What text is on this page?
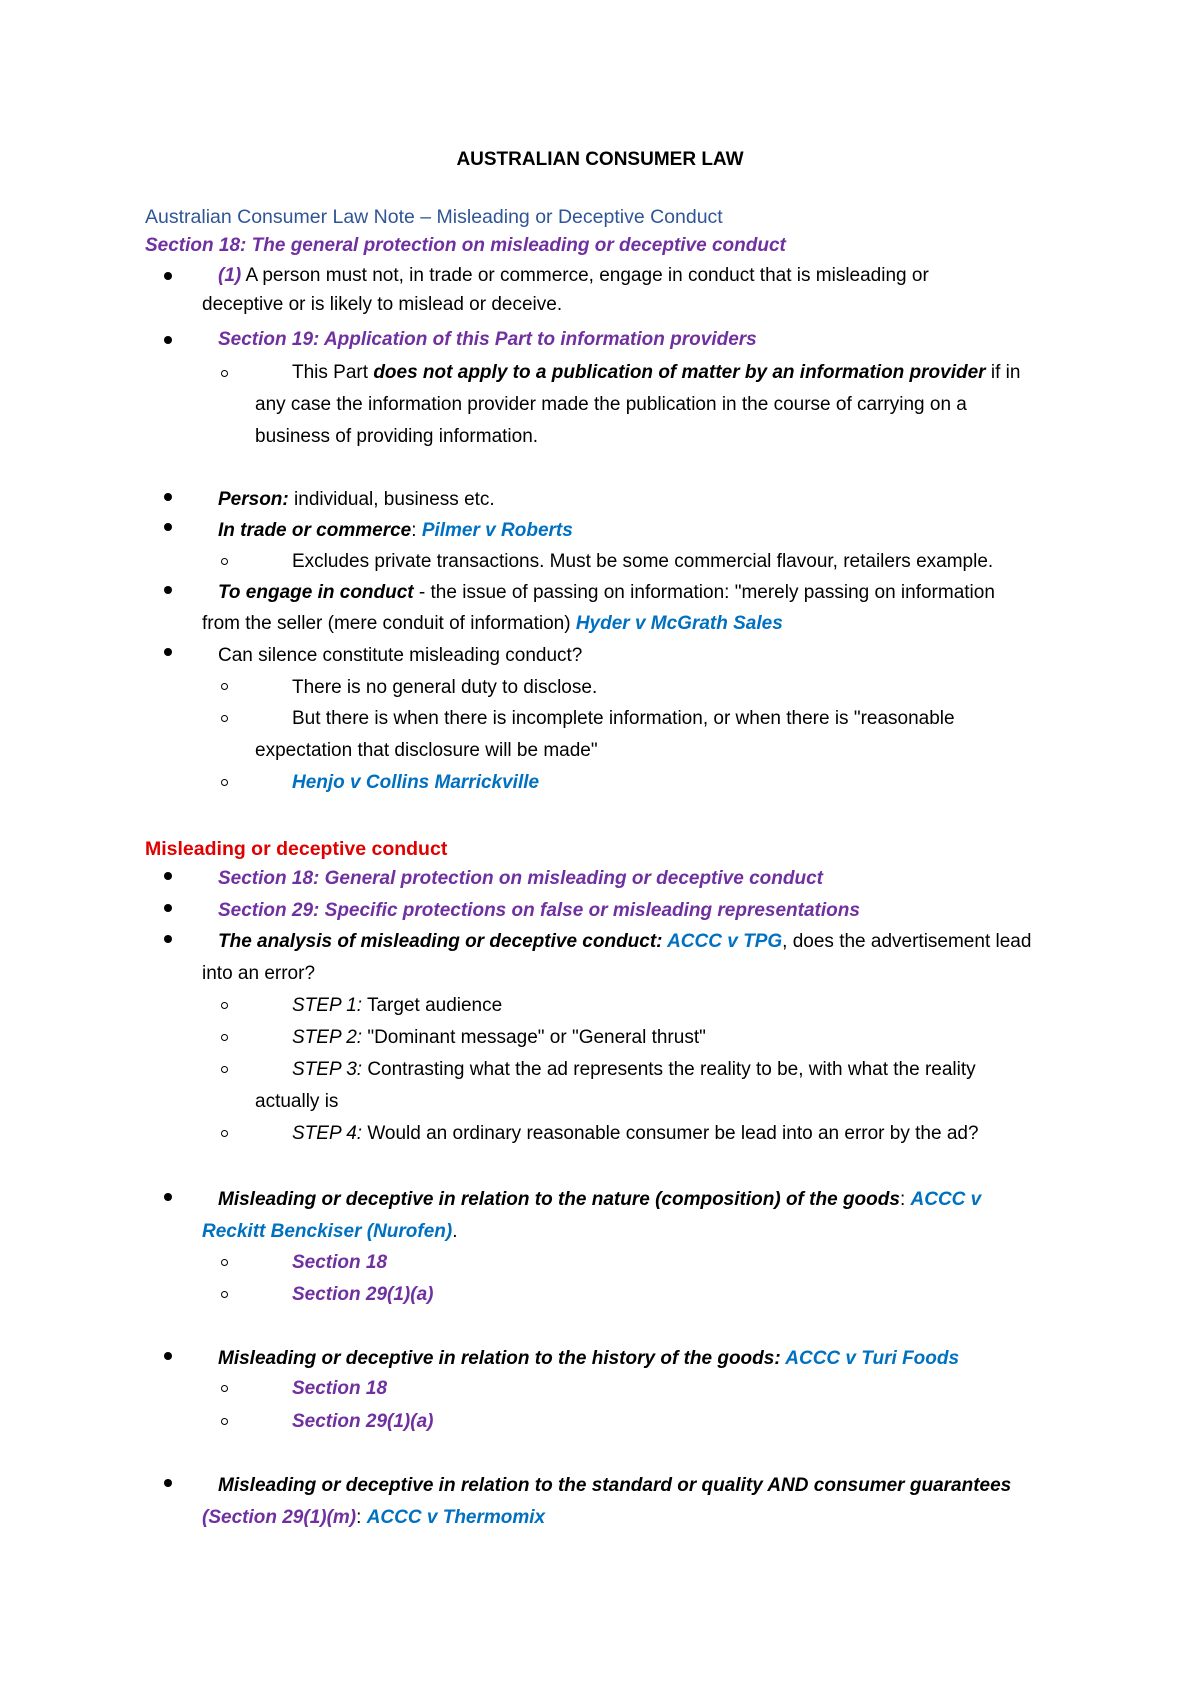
AUSTRALIAN CONSUMER LAW
Australian Consumer Law Note – Misleading or Deceptive Conduct
Section 18: The general protection on misleading or deceptive conduct
(1) A person must not, in trade or commerce, engage in conduct that is misleading or
deceptive or is likely to mislead or deceive.
Section 19: Application of this Part to information providers
This Part does not apply to a publication of matter by an information provider if in
any case the information provider made the publication in the course of carrying on a
business of providing information.
Person: individual, business etc.
In trade or commerce: Pilmer v Roberts
Excludes private transactions. Must be some commercial flavour, retailers example.
To engage in conduct - the issue of passing on information: "merely passing on information
from the seller (mere conduit of information) Hyder v McGrath Sales
Can silence constitute misleading conduct?
There is no general duty to disclose.
But there is when there is incomplete information, or when there is "reasonable
expectation that disclosure will be made"
Henjo v Collins Marrickville
Misleading or deceptive conduct
Section 18: General protection on misleading or deceptive conduct
Section 29: Specific protections on false or misleading representations
The analysis of misleading or deceptive conduct: ACCC v TPG, does the advertisement lead
into an error?
STEP 1: Target audience
STEP 2: "Dominant message" or "General thrust"
STEP 3: Contrasting what the ad represents the reality to be, with what the reality
actually is
STEP 4: Would an ordinary reasonable consumer be lead into an error by the ad?
Misleading or deceptive in relation to the nature (composition) of the goods: ACCC v
Reckitt Benckiser (Nurofen).
Section 18
Section 29(1)(a)
Misleading or deceptive in relation to the history of the goods: ACCC v Turi Foods
Section 18
Section 29(1)(a)
Misleading or deceptive in relation to the standard or quality AND consumer guarantees
(Section 29(1)(m): ACCC v Thermomix
